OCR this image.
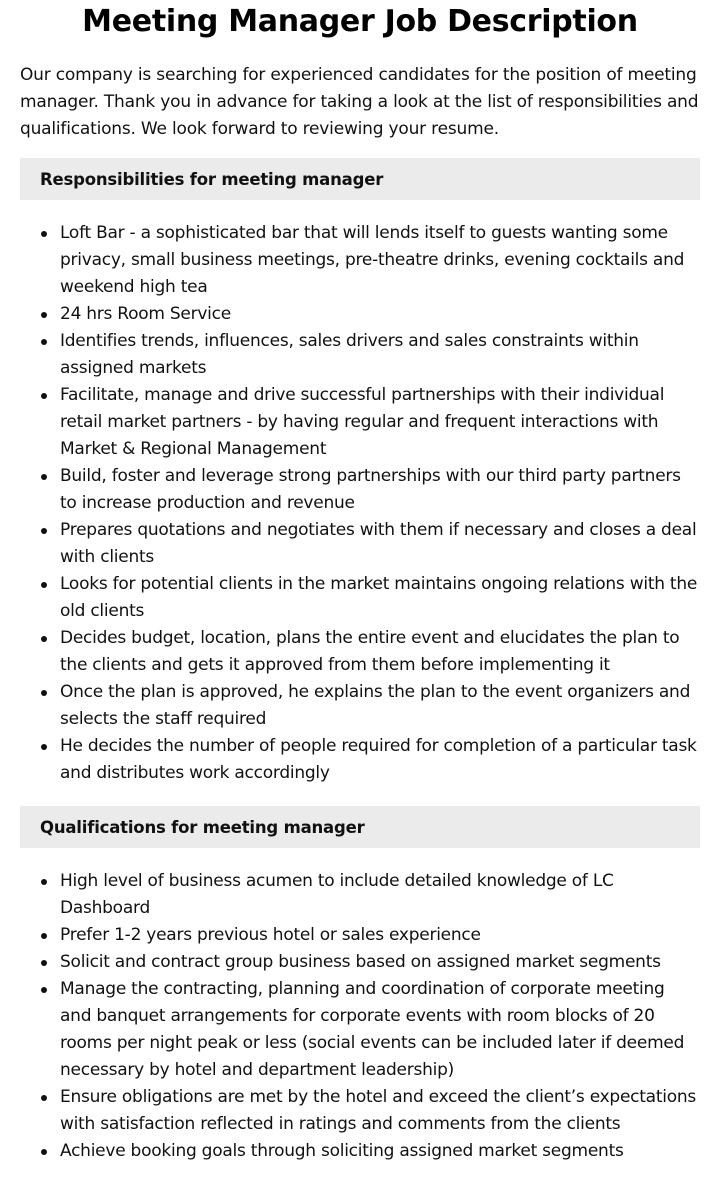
Meeting Manager Job Description

Our company is searching for experienced candidates for the position of meeting manager. Thank you in advance for taking a look at the list of responsibilities and qualifications. We look forward to reviewing your resume.

Responsibilities for meeting manager
Loft Bar - a sophisticated bar that will lends itself to guests wanting some privacy, small business meetings, pre-theatre drinks, evening cocktails and weekend high tea
24 hrs Room Service
Identifies trends, influences, sales drivers and sales constraints within assigned markets
Facilitate, manage and drive successful partnerships with their individual retail market partners - by having regular and frequent interactions with Market & Regional Management
Build, foster and leverage strong partnerships with our third party partners to increase production and revenue
Prepares quotations and negotiates with them if necessary and closes a deal with clients
Looks for potential clients in the market maintains ongoing relations with the old clients
Decides budget, location, plans the entire event and elucidates the plan to the clients and gets it approved from them before implementing it
Once the plan is approved, he explains the plan to the event organizers and selects the staff required
He decides the number of people required for completion of a particular task and distributes work accordingly
Qualifications for meeting manager
High level of business acumen to include detailed knowledge of LC Dashboard
Prefer 1-2 years previous hotel or sales experience
Solicit and contract group business based on assigned market segments
Manage the contracting, planning and coordination of corporate meeting and banquet arrangements for corporate events with room blocks of 20 rooms per night peak or less (social events can be included later if deemed necessary by hotel and department leadership)
Ensure obligations are met by the hotel and exceed the client’s expectations with satisfaction reflected in ratings and comments from the clients
Achieve booking goals through soliciting assigned market segments
